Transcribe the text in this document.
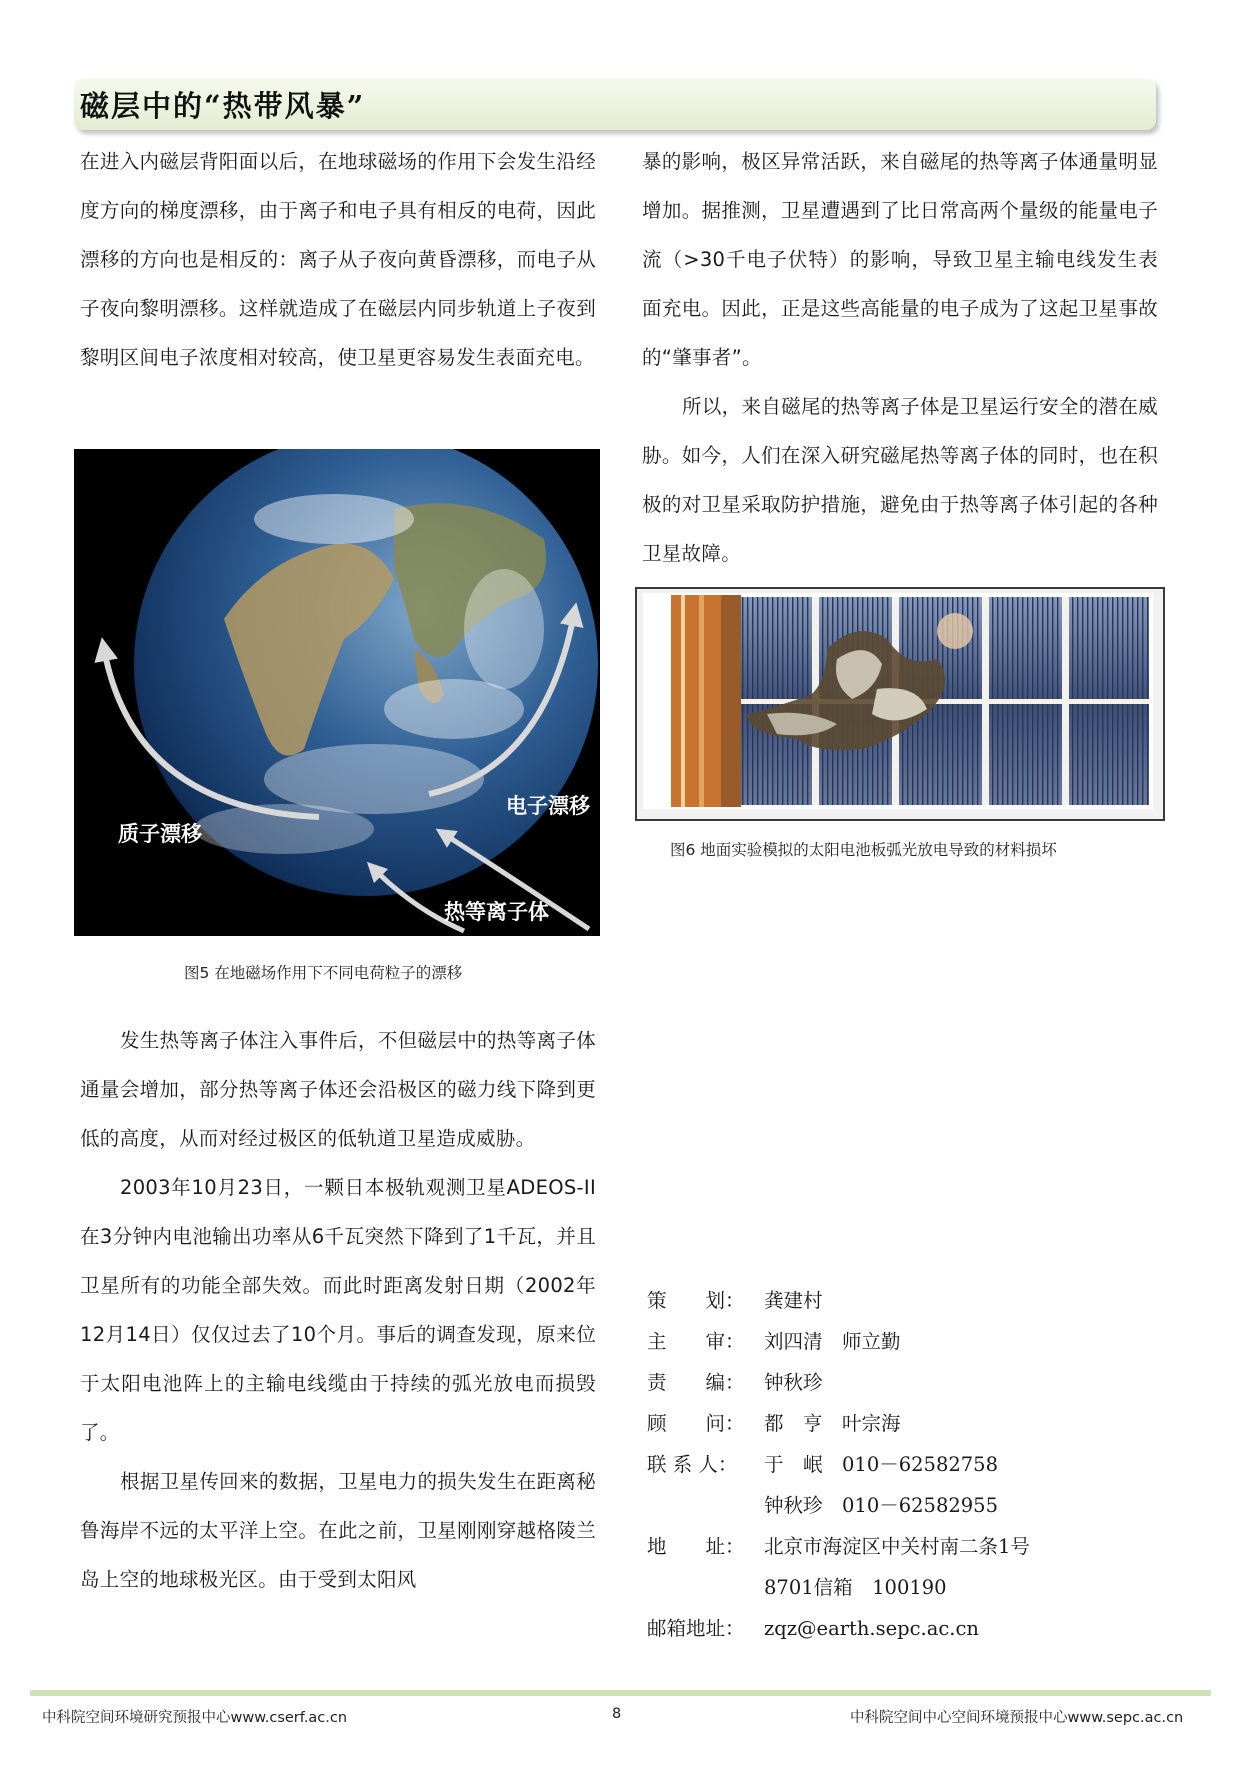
磁层中的“热带风暴”

在进入内磁层背阳面以后，在地球磁场的作用下会发生沿经度方向的梯度漂移，由于离子和电子具有相反的电荷，因此漂移的方向也是相反的：离子从子夜向黄昏漂移，而电子从子夜向黎明漂移。这样就造成了在磁层内同步轨道上子夜到黎明区间电子浓度相对较高，使卫星更容易发生表面充电。

质子漂移
电子漂移
热等离子体
图5 在地磁场作用下不同电荷粒子的漂移

发生热等离子体注入事件后，不但磁层中的热等离子体通量会增加，部分热等离子体还会沿极区的磁力线下降到更低的高度，从而对经过极区的低轨道卫星造成威胁。

2003年10月23日，一颗日本极轨观测卫星ADEOS-II在3分钟内电池输出功率从6千瓦突然下降到了1千瓦，并且卫星所有的功能全部失效。而此时距离发射日期（2002年12月14日）仅仅过去了10个月。事后的调查发现，原来位于太阳电池阵上的主输电线缆由于持续的弧光放电而损毁了。

根据卫星传回来的数据，卫星电力的损失发生在距离秘鲁海岸不远的太平洋上空。在此之前，卫星刚刚穿越格陵兰岛上空的地球极光区。由于受到太阳风

暴的影响，极区异常活跃，来自磁尾的热等离子体通量明显增加。据推测，卫星遭遇到了比日常高两个量级的能量电子流（>30千电子伏特）的影响，导致卫星主输电线发生表面充电。因此，正是这些高能量的电子成为了这起卫星事故的“肇事者”。

所以，来自磁尾的热等离子体是卫星运行安全的潜在威胁。如今，人们在深入研究磁尾热等离子体的同时，也在积极的对卫星采取防护措施，避免由于热等离子体引起的各种卫星故障。

图6 地面实验模拟的太阳电池板弧光放电导致的材料损坏
策　　划： 龚建村
主　　审： 刘四清　师立勤
责　　编： 钟秋珍
顾　　问： 都　亨　叶宗海
联 系 人：	于　岷　010－62582758
钟秋珍　010－62582955
地　　址： 北京市海淀区中关村南二条1号
8701信箱　100190
邮箱地址： zqz@earth.sepc.ac.cn
中科院空间环境研究预报中心www.cserf.ac.cn	8	中科院空间中心空间环境预报中心www.sepc.ac.cn
